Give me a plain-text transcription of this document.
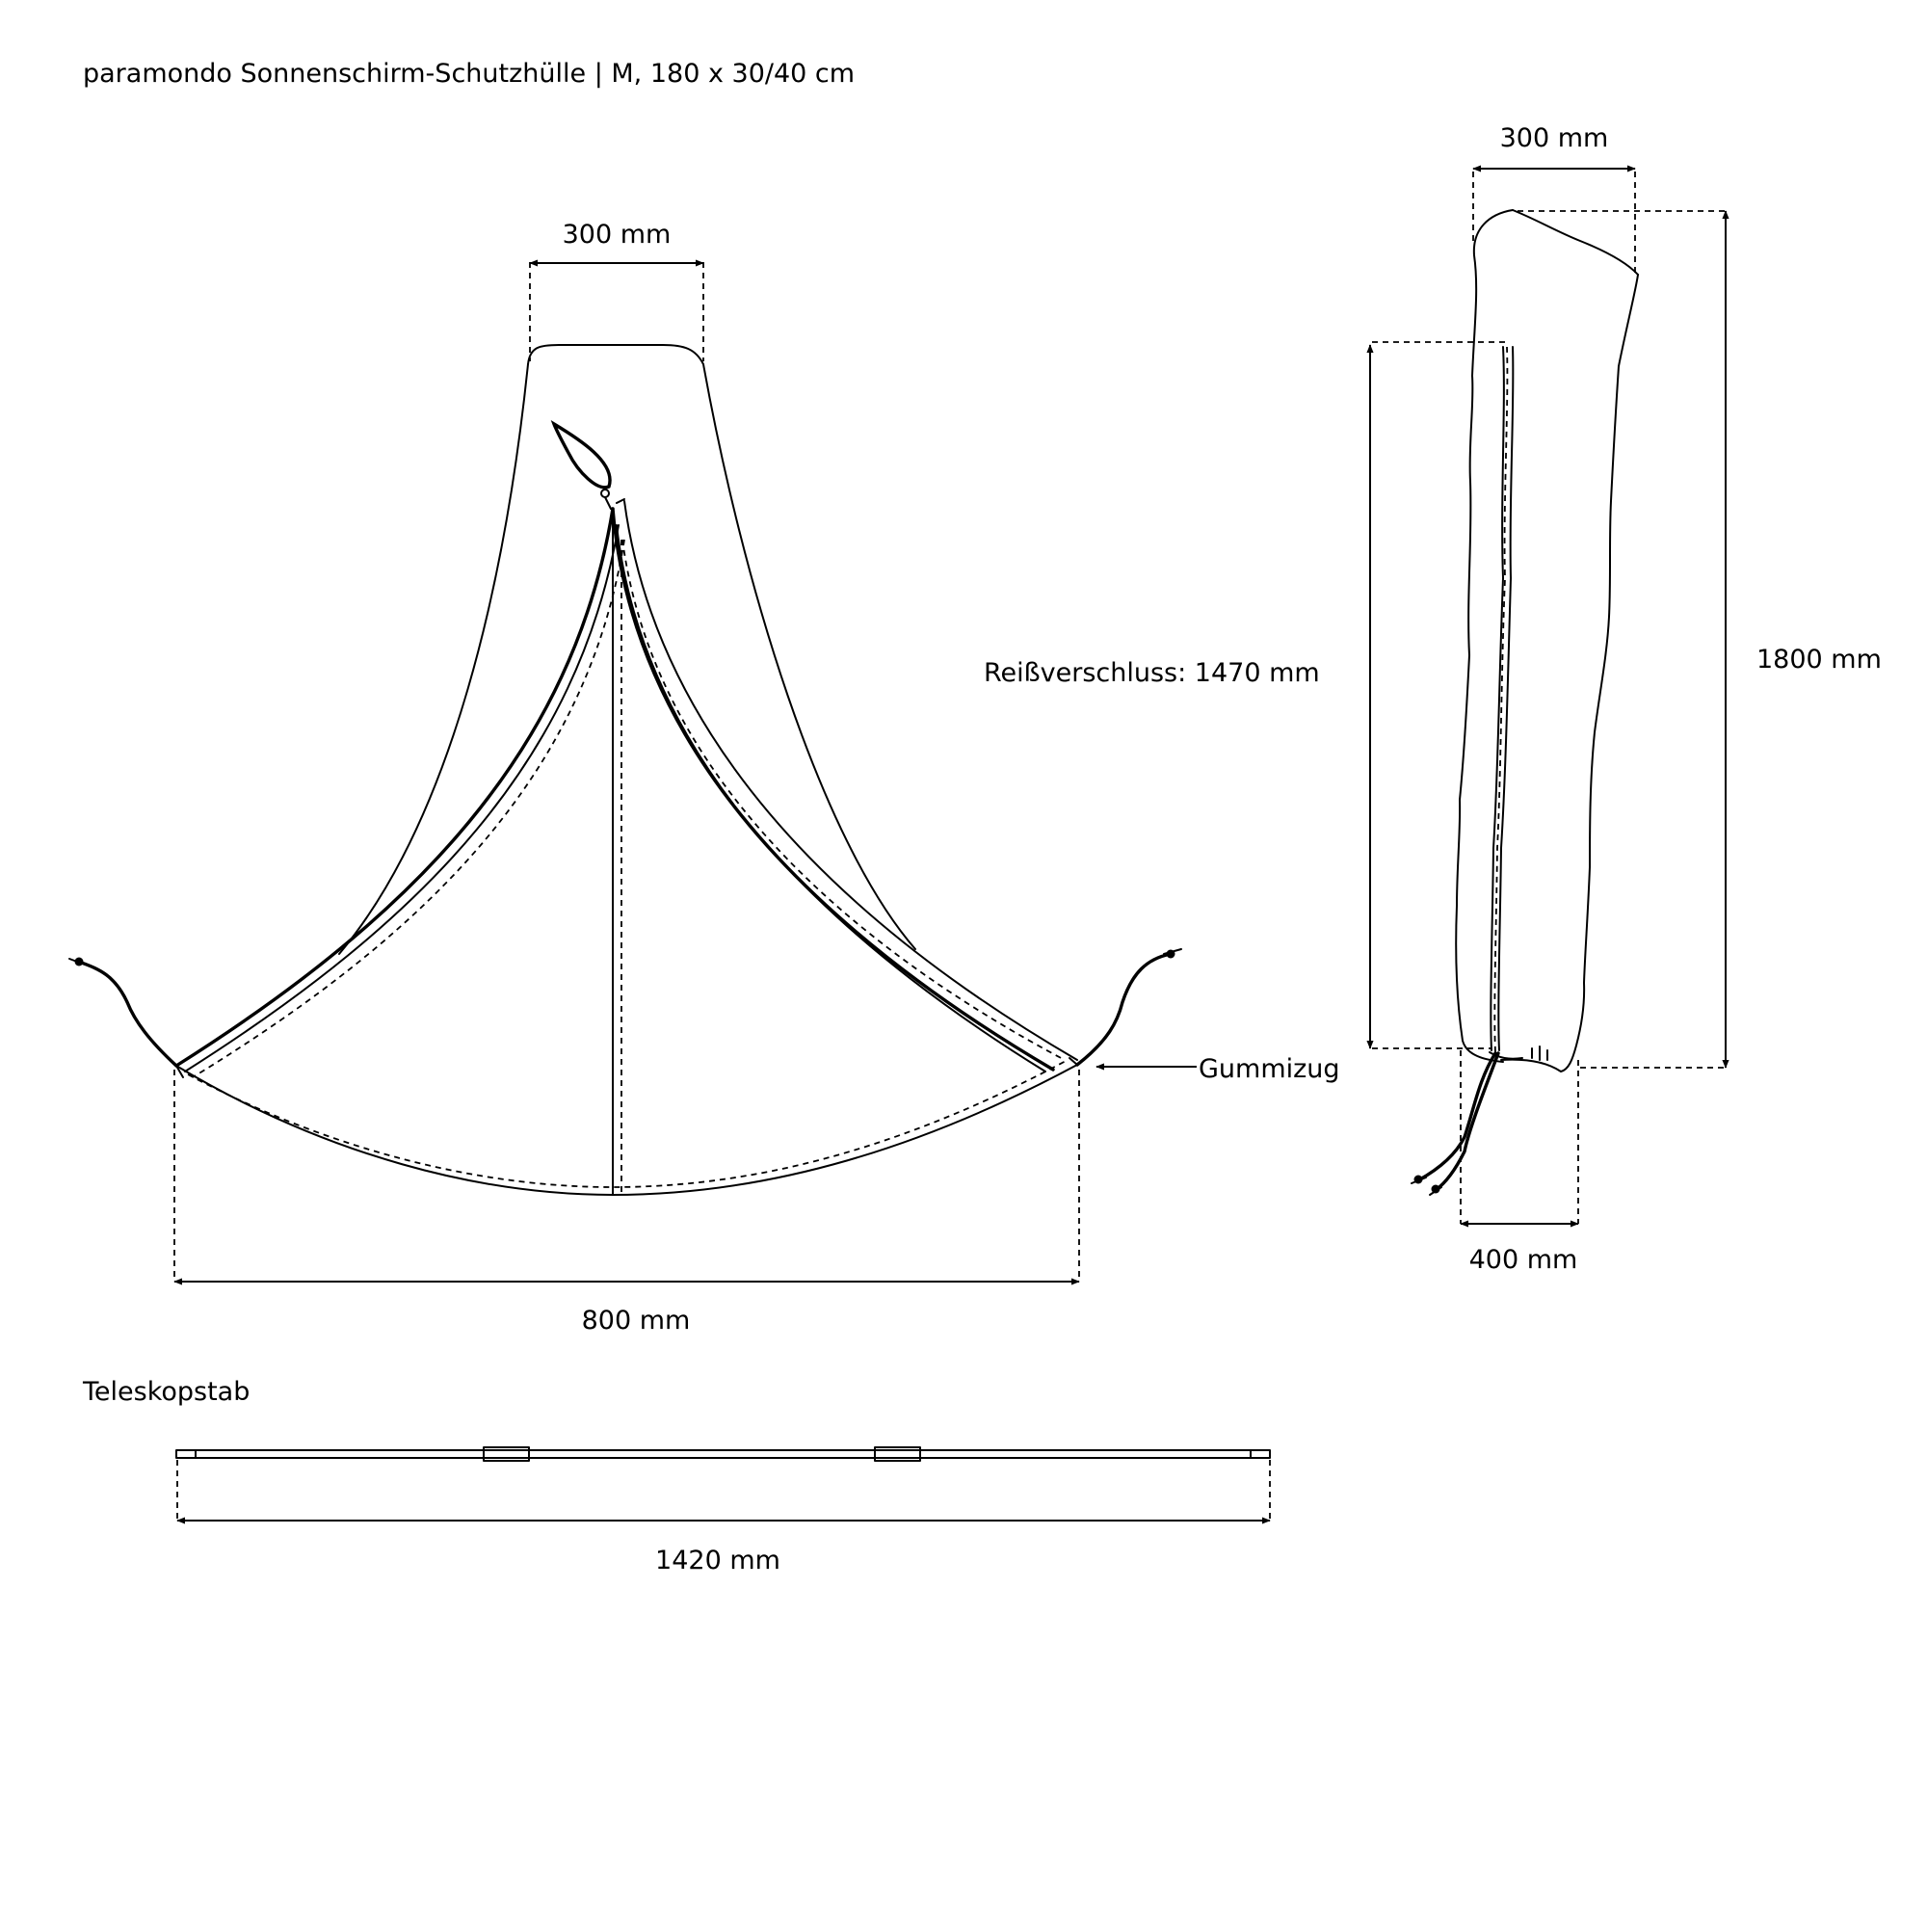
paramondo Sonnenschirm-Schutzhülle | M, 180 x 30/40 cm
300 mm
800 mm
Gummizug
300 mm
Reißverschluss: 1470 mm	1800 mm
400 mm
Teleskopstab
1420 mm
